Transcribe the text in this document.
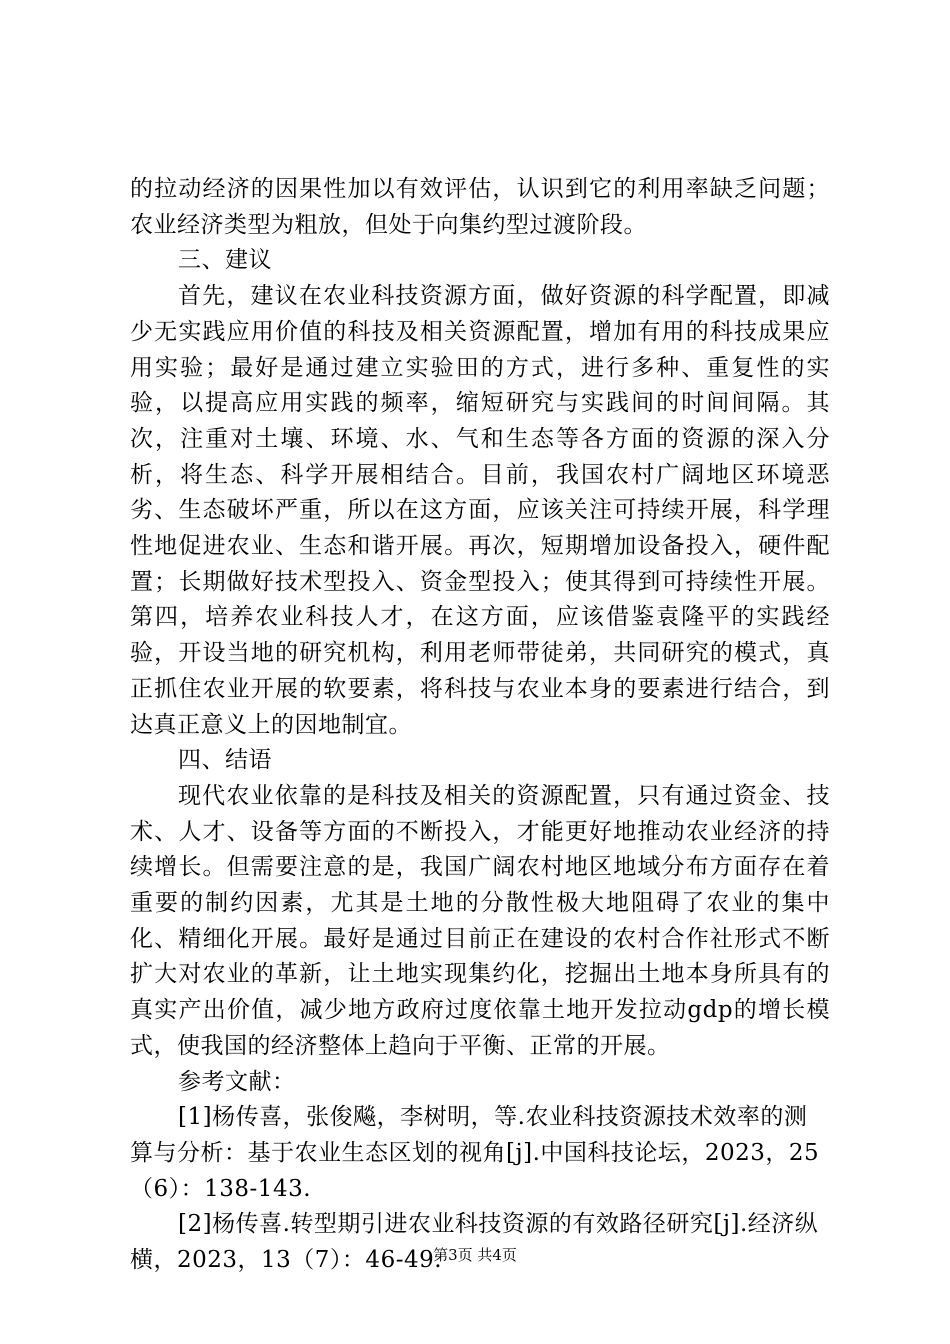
的拉动经济的因果性加以有效评估，认识到它的利用率缺乏问题；农业经济类型为粗放，但处于向集约型过渡阶段。

三、建议

首先，建议在农业科技资源方面，做好资源的科学配置，即减少无实践应用价值的科技及相关资源配置，增加有用的科技成果应用实验；最好是通过建立实验田的方式，进行多种、重复性的实验，以提高应用实践的频率，缩短研究与实践间的时间间隔。其次，注重对土壤、环境、水、气和生态等各方面的资源的深入分析，将生态、科学开展相结合。目前，我国农村广阔地区环境恶劣、生态破坏严重，所以在这方面，应该关注可持续开展，科学理性地促进农业、生态和谐开展。再次，短期增加设备投入，硬件配置；长期做好技术型投入、资金型投入；使其得到可持续性开展。第四，培养农业科技人才，在这方面，应该借鉴袁隆平的实践经验，开设当地的研究机构，利用老师带徒弟，共同研究的模式，真正抓住农业开展的软要素，将科技与农业本身的要素进行结合，到达真正意义上的因地制宜。

四、结语

现代农业依靠的是科技及相关的资源配置，只有通过资金、技术、人才、设备等方面的不断投入，才能更好地推动农业经济的持续增长。但需要注意的是，我国广阔农村地区地域分布方面存在着重要的制约因素，尤其是土地的分散性极大地阻碍了农业的集中化、精细化开展。最好是通过目前正在建设的农村合作社形式不断扩大对农业的革新，让土地实现集约化，挖掘出土地本身所具有的真实产出价值，减少地方政府过度依靠土地开发拉动gdp的增长模式，使我国的经济整体上趋向于平衡、正常的开展。

参考文献：

[1]杨传喜，张俊飚，李树明，等.农业科技资源技术效率的测算与分析：基于农业生态区划的视角[j].中国科技论坛，2023，25（6）：138-143.

[2]杨传喜.转型期引进农业科技资源的有效路径研究[j].经济纵横，2023，13（7）：46-49.

第3页 共4页
